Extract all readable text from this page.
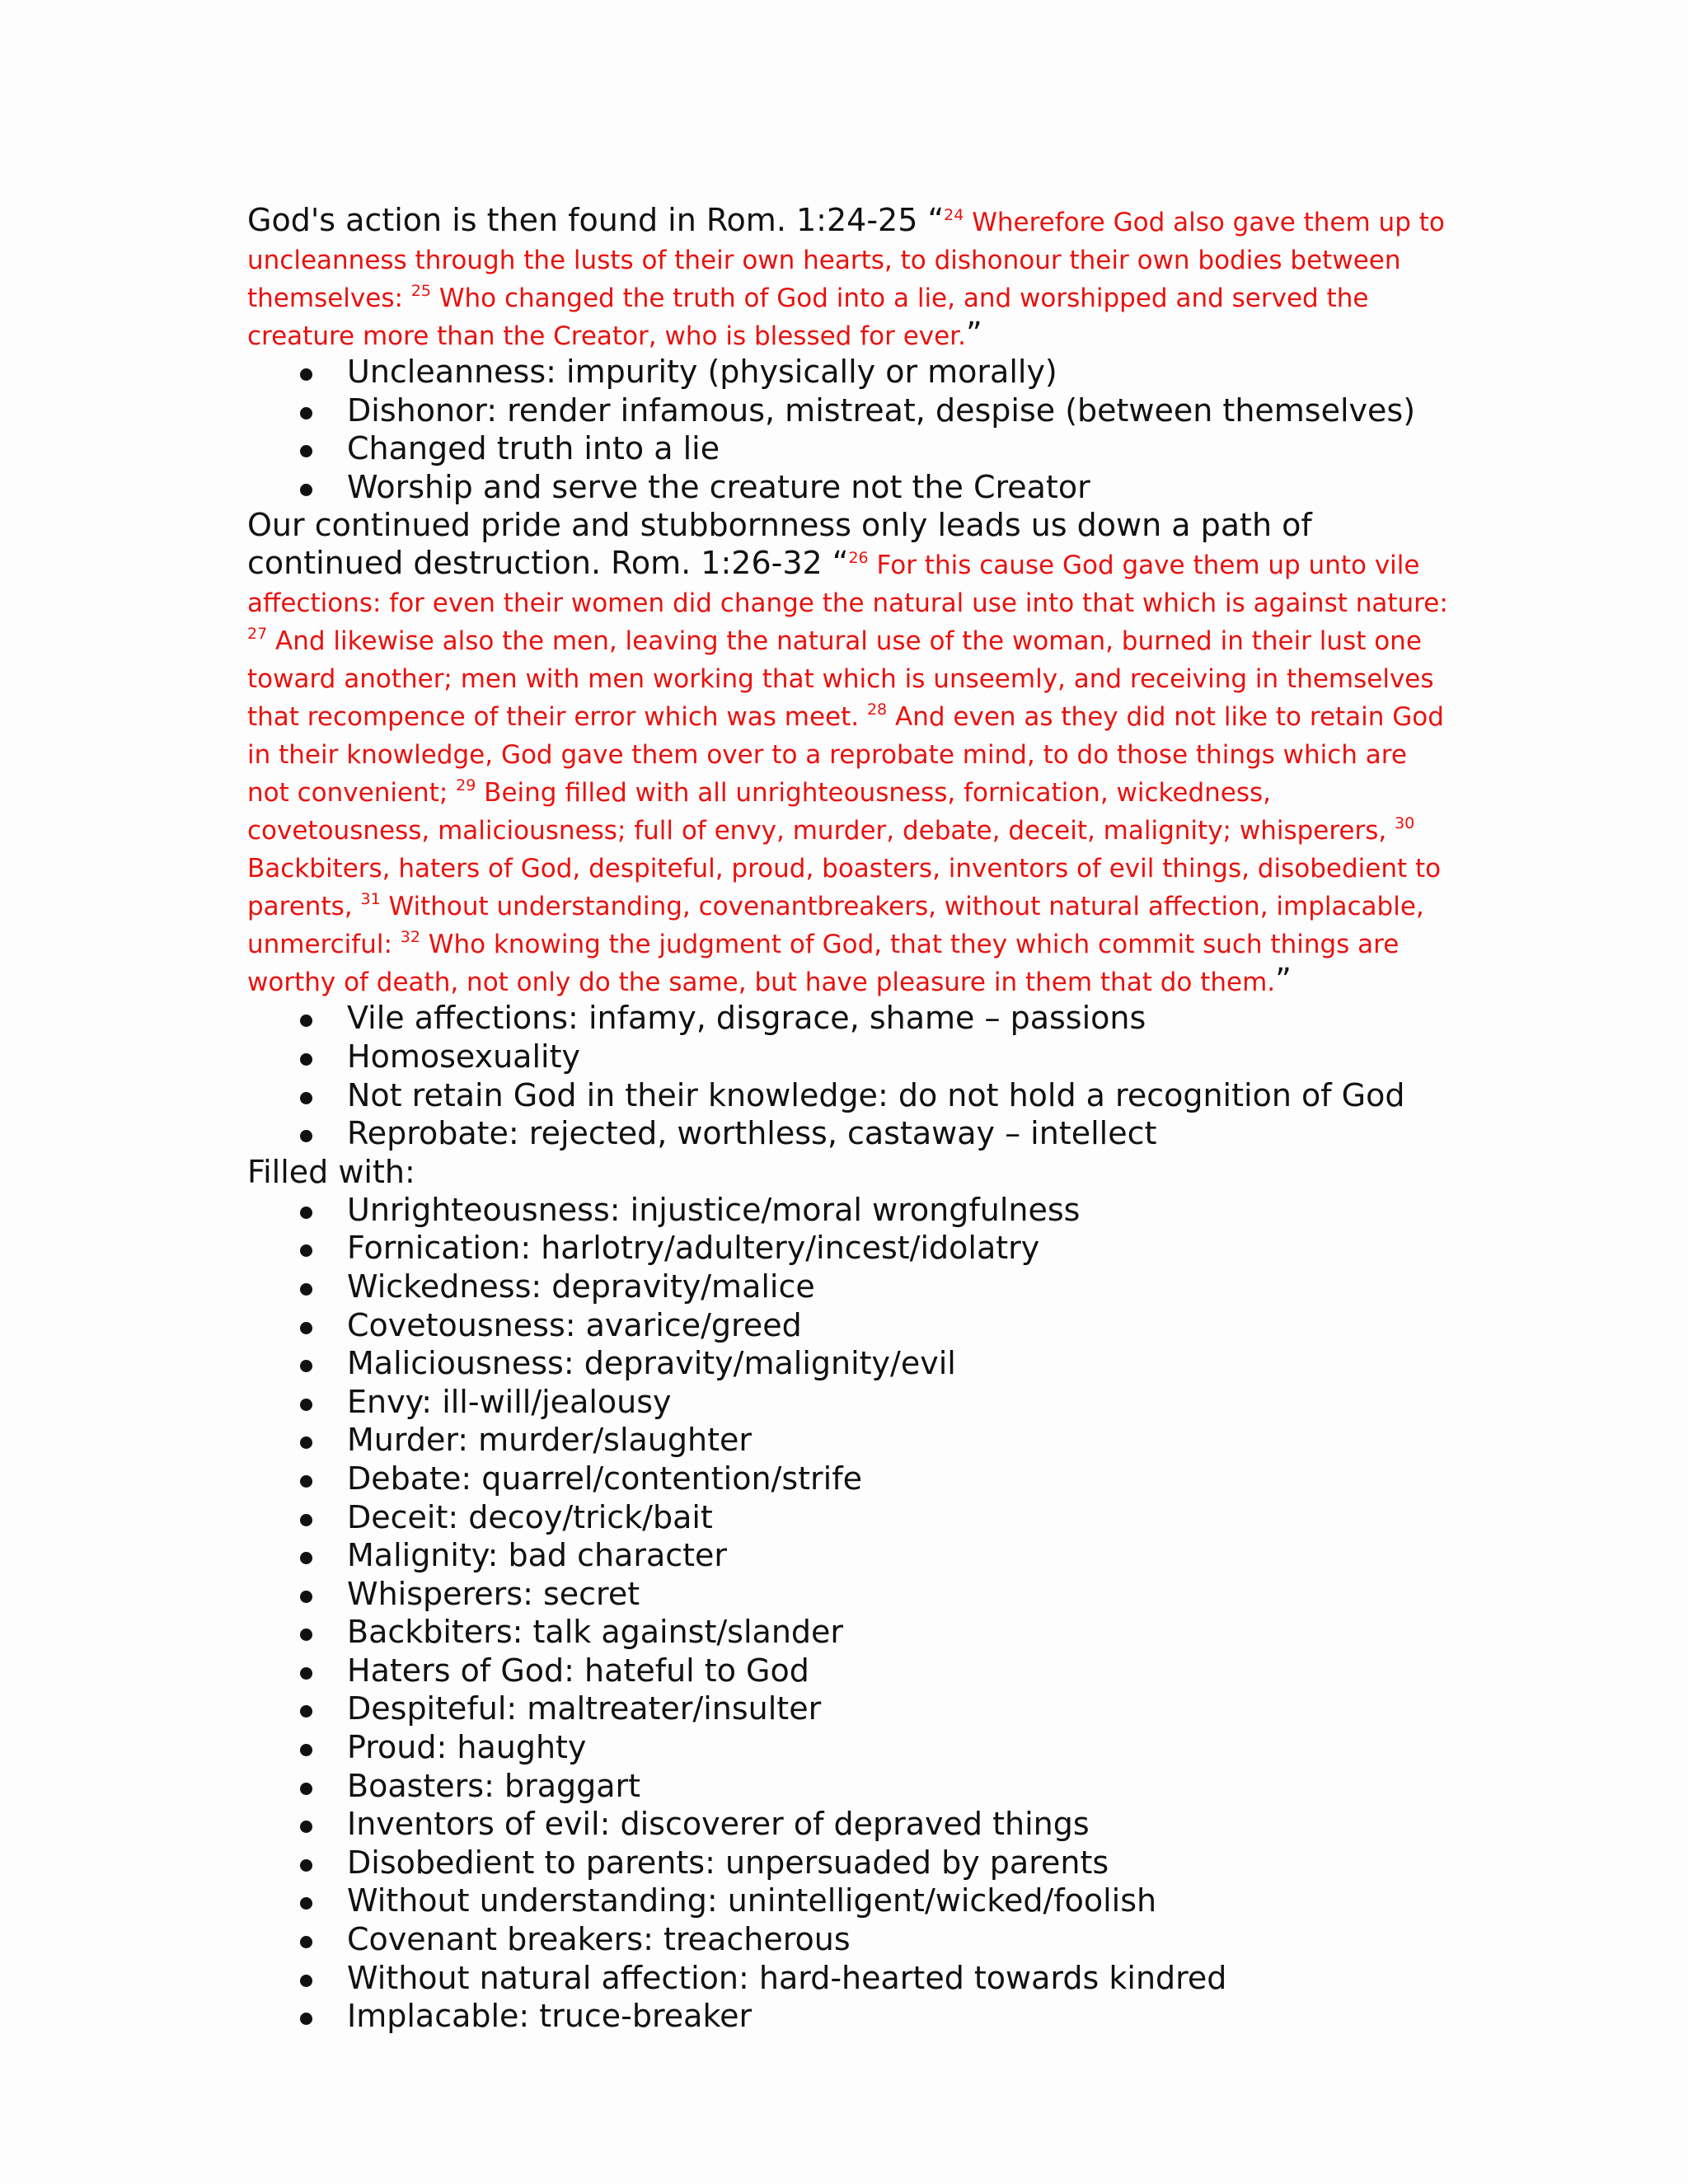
God's action is then found in Rom. 1:24-25 “$^{24}$ Wherefore God also gave them up to uncleanness through the lusts of their own hearts, to dishonour their own bodies between themselves: $^{25}$ Who changed the truth of God into a lie, and worshipped and served the creature more than the Creator, who is blessed for ever.”

Uncleanness: impurity (physically or morally)
Dishonor: render infamous, mistreat, despise (between themselves)
Changed truth into a lie
Worship and serve the creature not the Creator

Our continued pride and stubbornness only leads us down a path of continued destruction. Rom. 1:26-32 “$^{26}$ For this cause God gave them up unto vile affections: for even their women did change the natural use into that which is against nature: $^{27}$ And likewise also the men, leaving the natural use of the woman, burned in their lust one toward another; men with men working that which is unseemly, and receiving in themselves that recompence of their error which was meet. $^{28}$ And even as they did not like to retain God in their knowledge, God gave them over to a reprobate mind, to do those things which are not convenient; $^{29}$ Being filled with all unrighteousness, fornication, wickedness, covetousness, maliciousness; full of envy, murder, debate, deceit, malignity; whisperers, $^{30}$ Backbiters, haters of God, despiteful, proud, boasters, inventors of evil things, disobedient to parents, $^{31}$ Without understanding, covenantbreakers, without natural affection, implacable, unmerciful: $^{32}$ Who knowing the judgment of God, that they which commit such things are worthy of death, not only do the same, but have pleasure in them that do them.”

Vile affections: infamy, disgrace, shame – passions
Homosexuality
Not retain God in their knowledge: do not hold a recognition of God
Reprobate: rejected, worthless, castaway – intellect

Filled with:

Unrighteousness: injustice/moral wrongfulness
Fornication: harlotry/adultery/incest/idolatry
Wickedness: depravity/malice
Covetousness: avarice/greed
Maliciousness: depravity/malignity/evil
Envy: ill-will/jealousy
Murder: murder/slaughter
Debate: quarrel/contention/strife
Deceit: decoy/trick/bait
Malignity: bad character
Whisperers: secret
Backbiters: talk against/slander
Haters of God: hateful to God
Despiteful: maltreater/insulter
Proud: haughty
Boasters: braggart
Inventors of evil: discoverer of depraved things
Disobedient to parents: unpersuaded by parents
Without understanding: unintelligent/wicked/foolish
Covenant breakers: treacherous
Without natural affection: hard-hearted towards kindred
Implacable: truce-breaker
